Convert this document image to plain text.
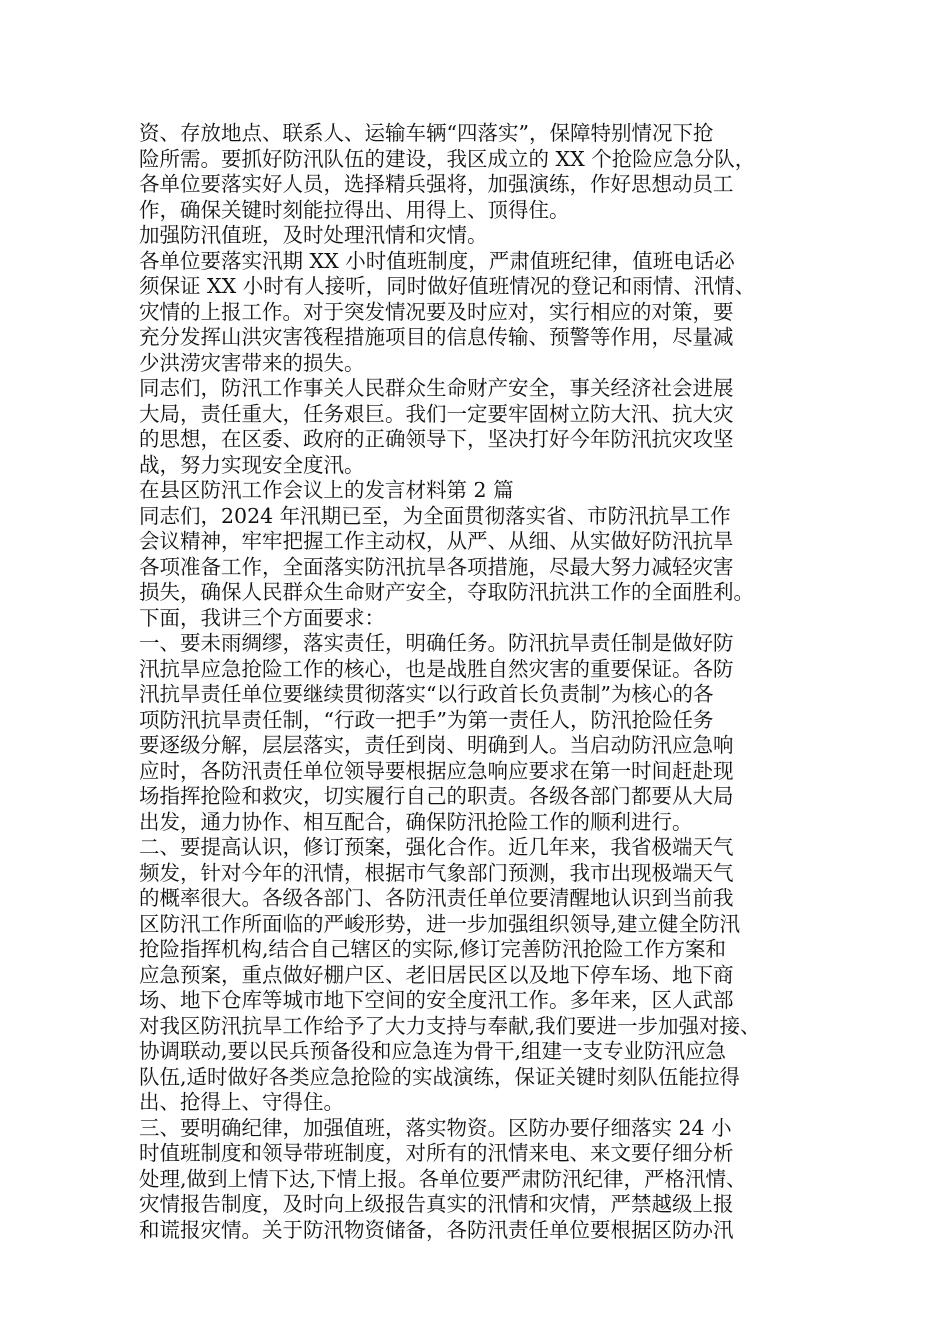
资、存放地点、联系人、运输车辆“四落实”，保障特别情况下抢
险所需。要抓好防汛队伍的建设，我区成立的 XX 个抢险应急分队，
各单位要落实好人员，选择精兵强将，加强演练，作好思想动员工
作，确保关键时刻能拉得出、用得上、顶得住。
加强防汛值班，及时处理汛情和灾情。
各单位要落实汛期 XX 小时值班制度，严肃值班纪律，值班电话必
须保证 XX 小时有人接听，同时做好值班情况的登记和雨情、汛情、
灾情的上报工作。对于突发情况要及时应对，实行相应的对策，要
充分发挥山洪灾害筏程措施项目的信息传输、预警等作用，尽量减
少洪涝灾害带来的损失。
同志们，防汛工作事关人民群众生命财产安全，事关经济社会进展
大局，责任重大，任务艰巨。我们一定要牢固树立防大汛、抗大灾
的思想，在区委、政府的正确领导下，坚决打好今年防汛抗灾攻坚
战，努力实现安全度汛。
在县区防汛工作会议上的发言材料第 2 篇
同志们，2024 年汛期已至，为全面贯彻落实省、市防汛抗旱工作
会议精神，牢牢把握工作主动权，从严、从细、从实做好防汛抗旱
各项准备工作，全面落实防汛抗旱各项措施，尽最大努力减轻灾害
损失，确保人民群众生命财产安全，夺取防汛抗洪工作的全面胜利。
下面，我讲三个方面要求：
一、要未雨绸缪，落实责任，明确任务。防汛抗旱责任制是做好防
汛抗旱应急抢险工作的核心，也是战胜自然灾害的重要保证。各防
汛抗旱责任单位要继续贯彻落实“以行政首长负责制”为核心的各
项防汛抗旱责任制，“行政一把手”为第一责任人，防汛抢险任务
要逐级分解，层层落实，责任到岗、明确到人。当启动防汛应急响
应时，各防汛责任单位领导要根据应急响应要求在第一时间赶赴现
场指挥抢险和救灾，切实履行自己的职责。各级各部门都要从大局
出发，通力协作、相互配合，确保防汛抢险工作的顺利进行。
二、要提高认识，修订预案，强化合作。近几年来，我省极端天气
频发，针对今年的汛情，根据市气象部门预测，我市出现极端天气
的概率很大。各级各部门、各防汛责任单位要清醒地认识到当前我
区防汛工作所面临的严峻形势，进一步加强组织领导,建立健全防汛
抢险指挥机构,结合自己辖区的实际,修订完善防汛抢险工作方案和
应急预案，重点做好棚户区、老旧居民区以及地下停车场、地下商
场、地下仓库等城市地下空间的安全度汛工作。多年来，区人武部
对我区防汛抗旱工作给予了大力支持与奉献,我们要进一步加强对接、
协调联动,要以民兵预备役和应急连为骨干,组建一支专业防汛应急
队伍,适时做好各类应急抢险的实战演练，保证关键时刻队伍能拉得
出、抢得上、守得住。
三、要明确纪律，加强值班，落实物资。区防办要仔细落实 24 小
时值班制度和领导带班制度，对所有的汛情来电、来文要仔细分析
处理,做到上情下达,下情上报。各单位要严肃防汛纪律，严格汛情、
灾情报告制度，及时向上级报告真实的汛情和灾情，严禁越级上报
和谎报灾情。关于防汛物资储备，各防汛责任单位要根据区防办汛
